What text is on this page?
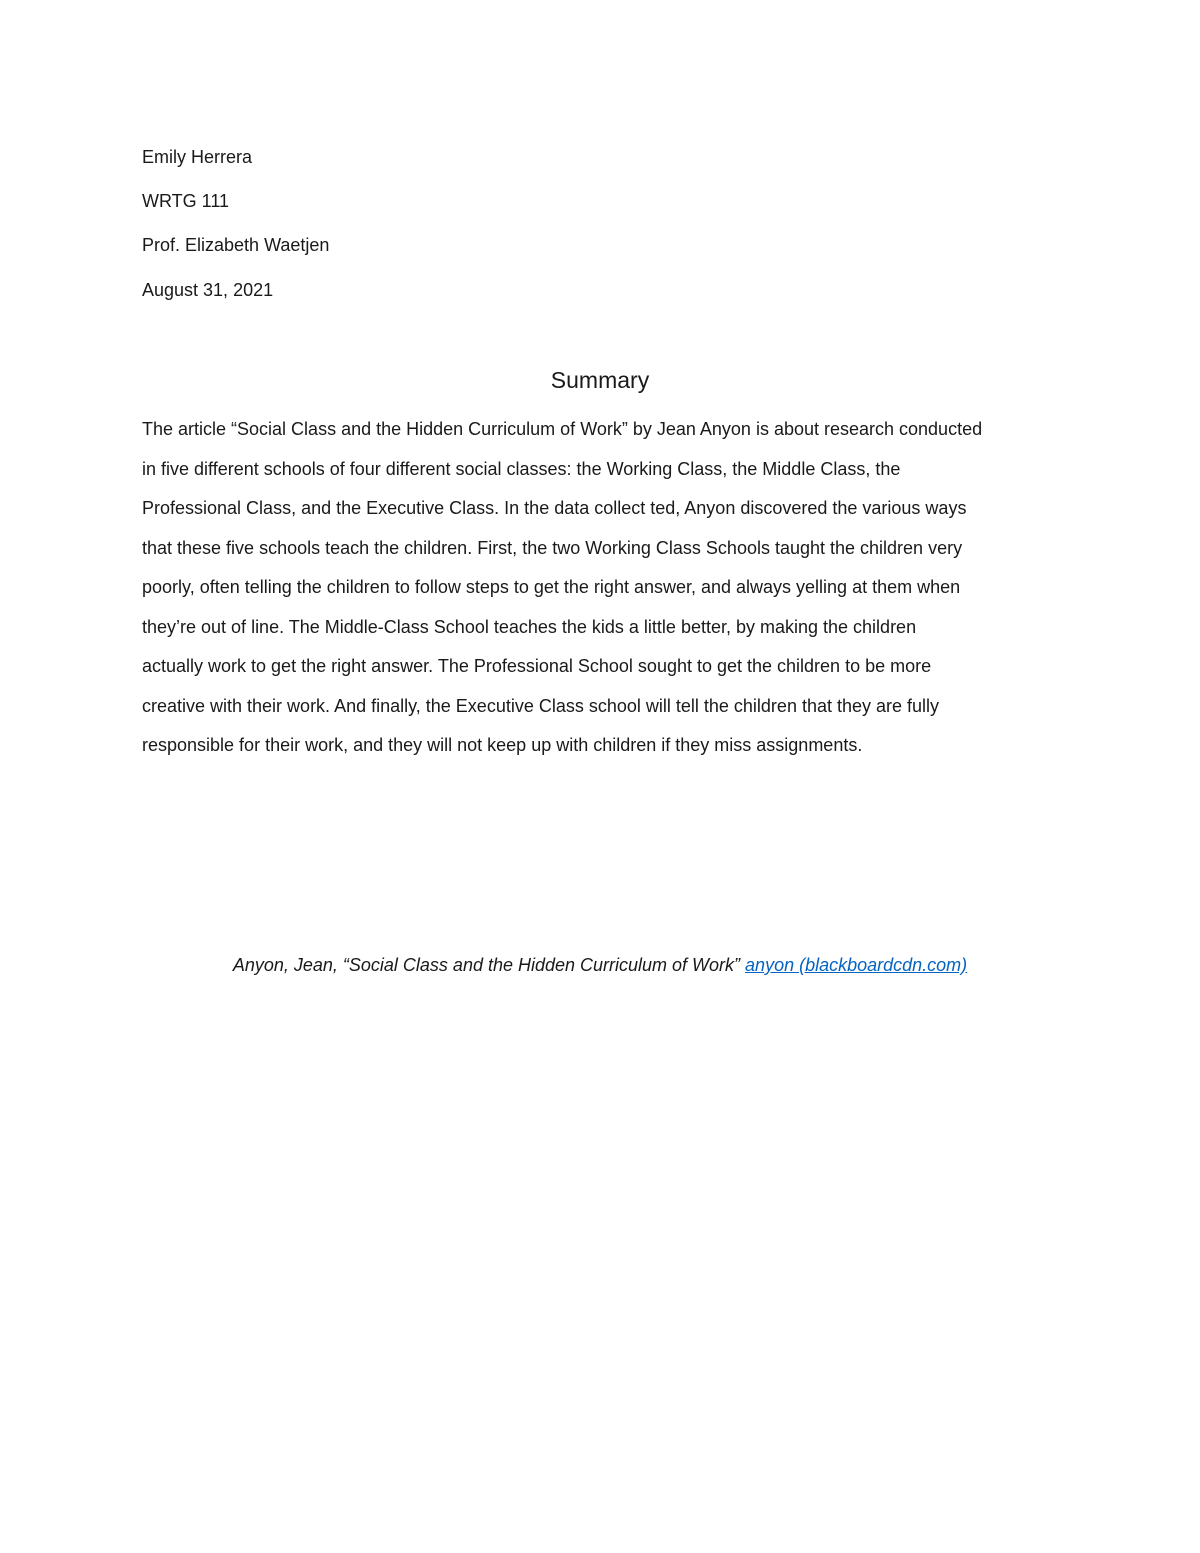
Emily Herrera
WRTG 111
Prof. Elizabeth Waetjen
August 31, 2021
Summary
The article “Social Class and the Hidden Curriculum of Work” by Jean Anyon is about research conducted
in five different schools of four different social classes: the Working Class, the Middle Class, the
Professional Class, and the Executive Class. In the data collect ted, Anyon discovered the various ways
that these five schools teach the children. First, the two Working Class Schools taught the children very
poorly, often telling the children to follow steps to get the right answer, and always yelling at them when
they’re out of line. The Middle-Class School teaches the kids a little better, by making the children
actually work to get the right answer. The Professional School sought to get the children to be more
creative with their work. And finally, the Executive Class school will tell the children that they are fully
responsible for their work, and they will not keep up with children if they miss assignments.
Anyon, Jean, “Social Class and the Hidden Curriculum of Work” anyon (blackboardcdn.com)
